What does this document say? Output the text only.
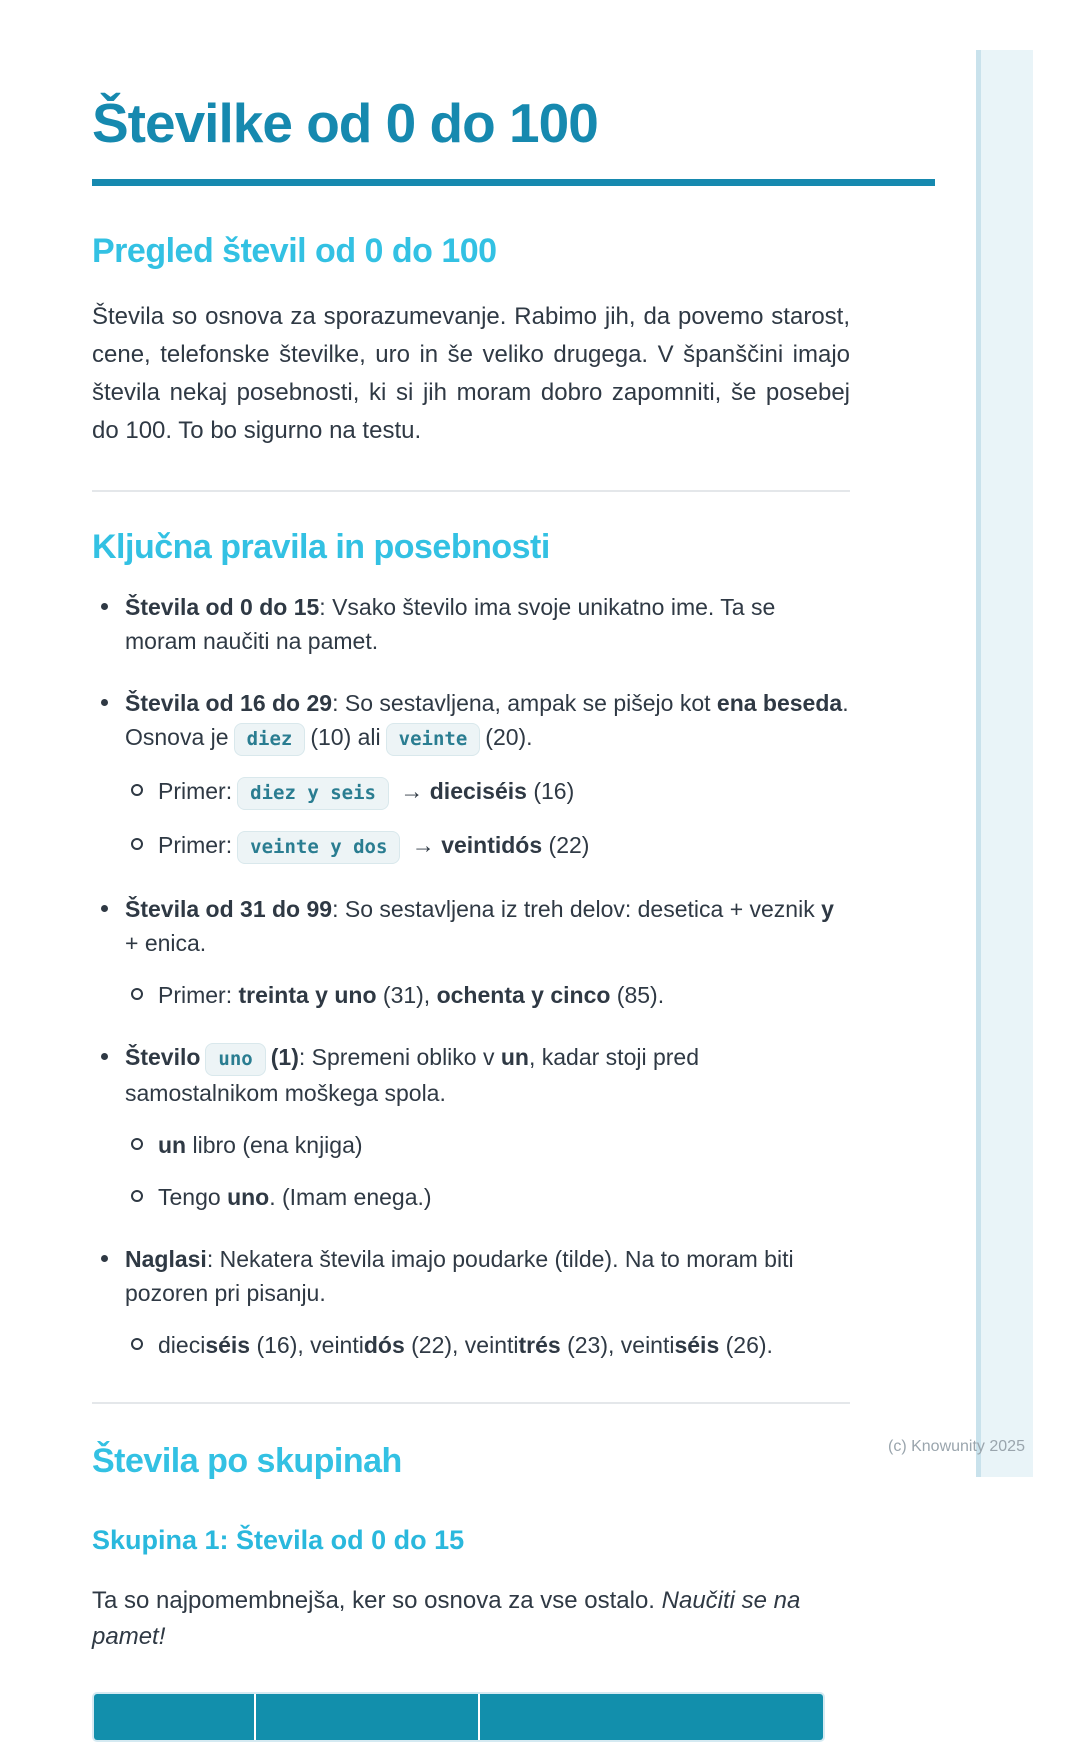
Številke od 0 do 100
Pregled števil od 0 do 100

Števila so osnova za sporazumevanje. Rabimo jih, da povemo starost, cene, telefonske številke, uro in še veliko drugega. V španščini imajo števila nekaj posebnosti, ki si jih moram dobro zapomniti, še posebej do 100. To bo sigurno na testu.

Ključna pravila in posebnosti
Števila od 0 do 15: Vsako število ima svoje unikatno ime. Ta se moram naučiti na pamet.
Števila od 16 do 29: So sestavljena, ampak se pišejo kot ena beseda. Osnova je diez (10) ali veinte (20).
Primer: diez y seis → dieciséis (16)
Primer: veinte y dos → veintidós (22)
Števila od 31 do 99: So sestavljena iz treh delov: desetica + veznik y + enica.
Primer: treinta y uno (31), ochenta y cinco (85).
Število uno (1): Spremeni obliko v un, kadar stoji pred samostalnikom moškega spola.
un libro (ena knjiga)
Tengo uno. (Imam enega.)
Naglasi: Nekatera števila imajo poudarke (tilde). Na to moram biti pozoren pri pisanju.
dieciséis (16), veintidós (22), veintitrés (23), veintiséis (26).
Števila po skupinah
Skupina 1: Števila od 0 do 15

Ta so najpomembnejša, ker so osnova za vse ostalo. Naučiti se na pamet!

(c) Knowunity 2025
